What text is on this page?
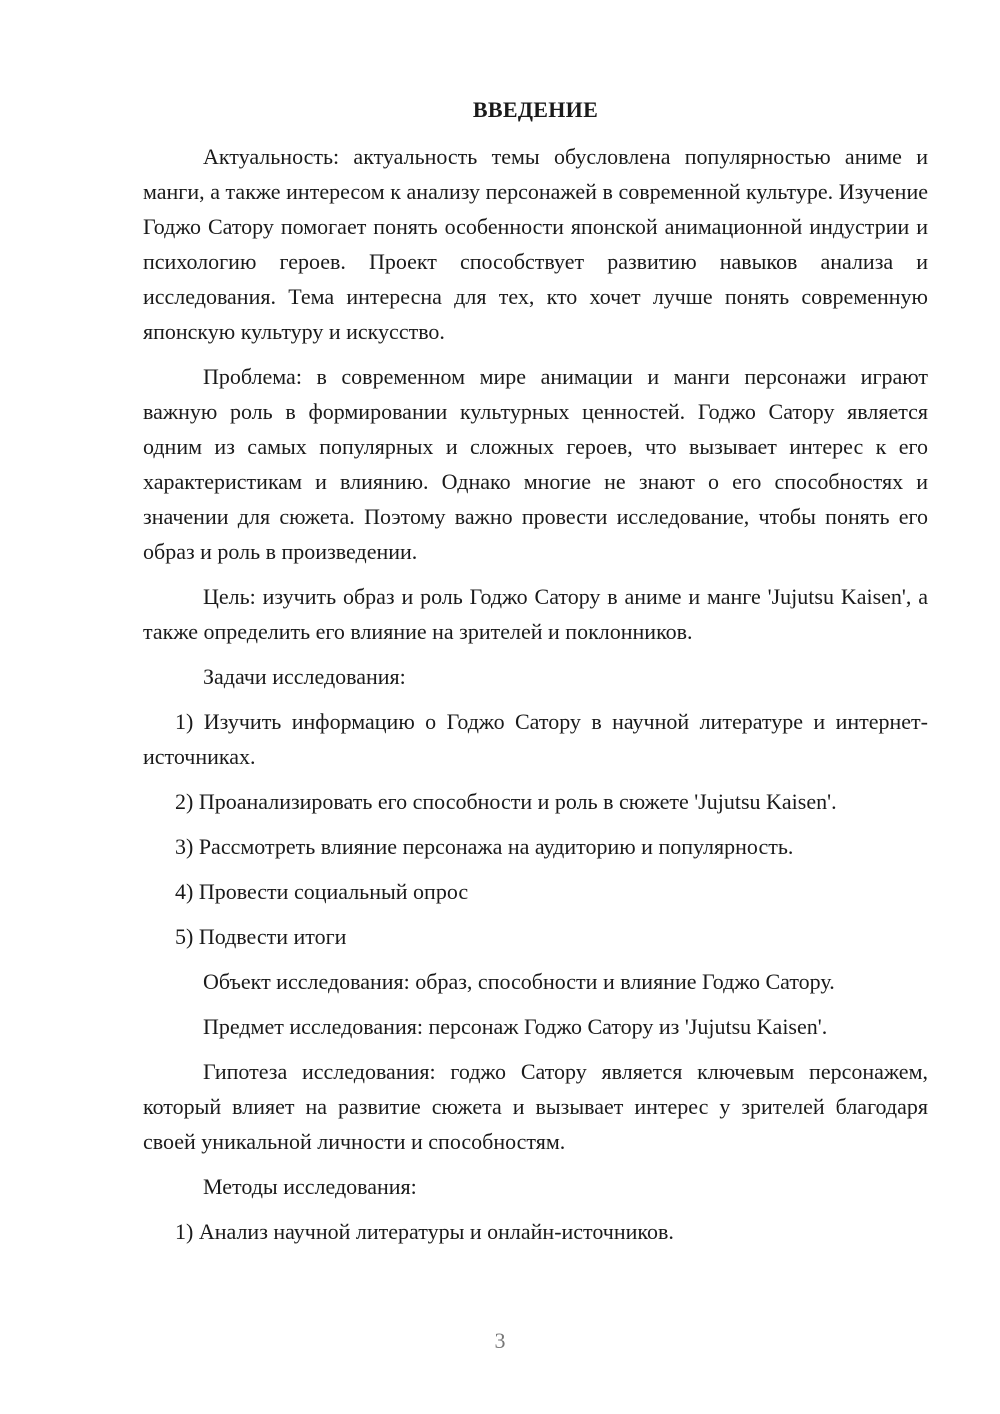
ВВЕДЕНИЕ

Актуальность: актуальность темы обусловлена популярностью аниме и манги, а также интересом к анализу персонажей в современной культуре. Изучение Годжо Сатору помогает понять особенности японской анимационной индустрии и психологию героев. Проект способствует развитию навыков анализа и исследования. Тема интересна для тех, кто хочет лучше понять современную японскую культуру и искусство.

Проблема: в современном мире анимации и манги персонажи играют важную роль в формировании культурных ценностей. Годжо Сатору является одним из самых популярных и сложных героев, что вызывает интерес к его характеристикам и влиянию. Однако многие не знают о его способностях и значении для сюжета. Поэтому важно провести исследование, чтобы понять его образ и роль в произведении.

Цель: изучить образ и роль Годжо Сатору в аниме и манге 'Jujutsu Kaisen', а также определить его влияние на зрителей и поклонников.

Задачи исследования:

1) Изучить информацию о Годжо Сатору в научной литературе и интернет-источниках.

2) Проанализировать его способности и роль в сюжете 'Jujutsu Kaisen'.

3) Рассмотреть влияние персонажа на аудиторию и популярность.

4) Провести социальный опрос

5) Подвести итоги

Объект исследования: образ, способности и влияние Годжо Сатору.

Предмет исследования: персонаж Годжо Сатору из 'Jujutsu Kaisen'.

Гипотеза исследования: годжо Сатору является ключевым персонажем, который влияет на развитие сюжета и вызывает интерес у зрителей благодаря своей уникальной личности и способностям.

Методы исследования:

1) Анализ научной литературы и онлайн-источников.

3
